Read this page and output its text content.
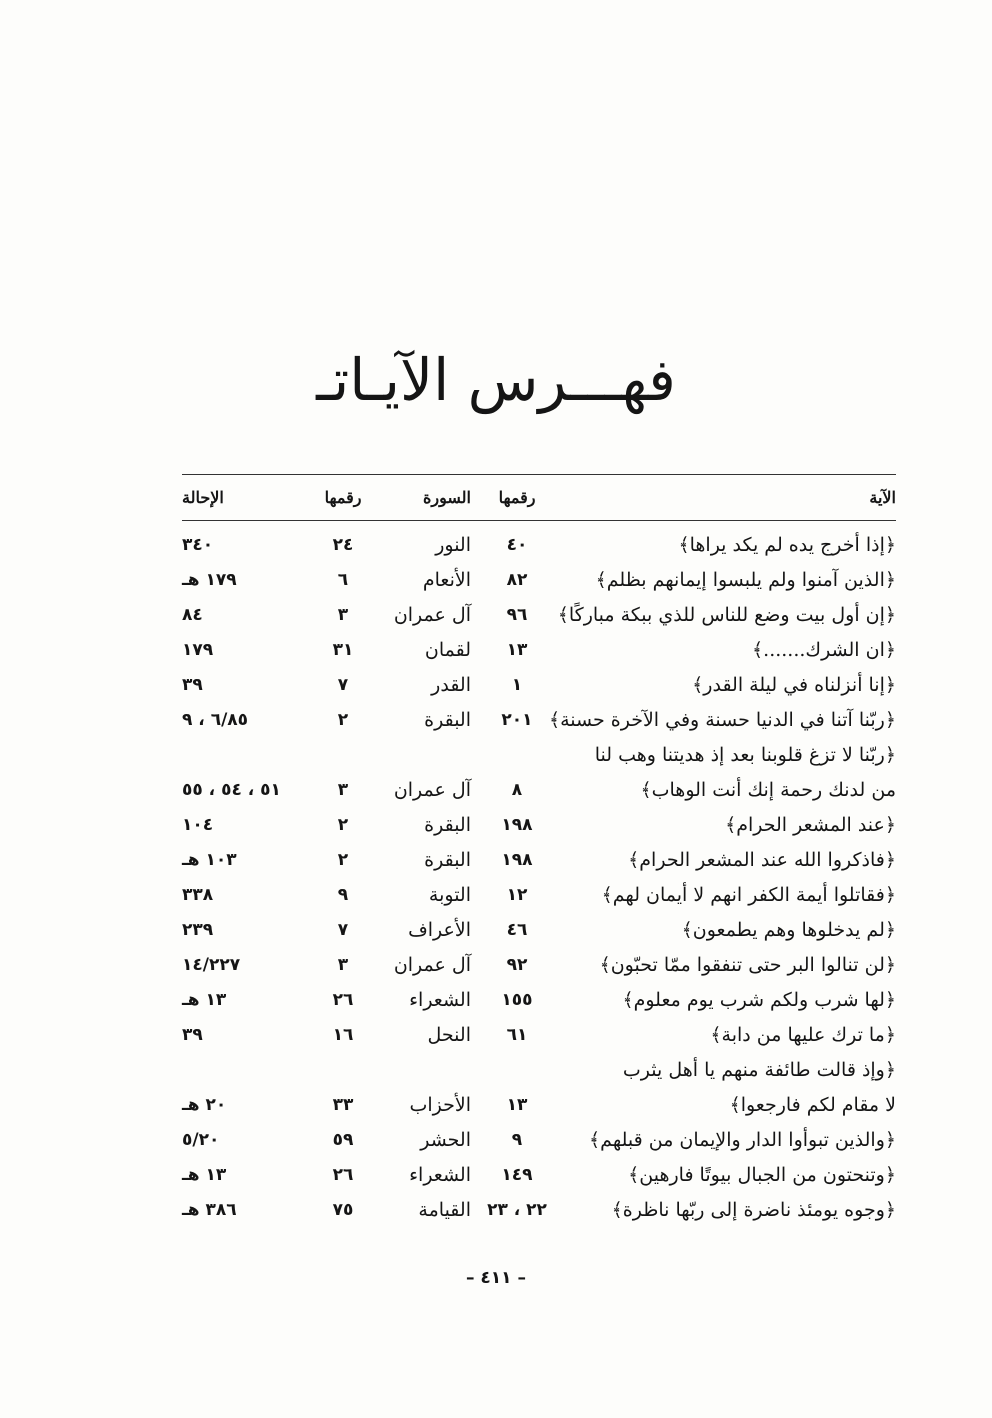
فهـــرس الآيـاتـ
الآية
رقمها
السورة
رقمها
الإحالة
﴿إذا أخرج يده لم يكد يراها﴾
٤٠
النور
٢٤
٣٤٠
﴿الذين آمنوا ولم يلبسوا إيمانهم بظلم﴾
٨٢
الأنعام
٦
١٧٩ هـ
﴿إن أول بيت وضع للناس للذي ببكة مباركًا﴾
٩٦
آل عمران
٣
٨٤
﴿ان الشرك.......﴾
١٣
لقمان
٣١
١٧٩
﴿إنا أنزلناه في ليلة القدر﴾
١
القدر
٧
٣٩
﴿ربّنا آتنا في الدنيا حسنة وفي الآخرة حسنة﴾
٢٠١
البقرة
٢
٦/٨٥ ، ٩
﴿ربّنا لا تزغ قلوبنا بعد إذ هديتنا وهب لنا
من لدنك رحمة إنك أنت الوهاب﴾
٨
آل عمران
٣
٥١ ، ٥٤ ، ٥٥
﴿عند المشعر الحرام﴾
١٩٨
البقرة
٢
١٠٤
﴿فاذكروا الله عند المشعر الحرام﴾
١٩٨
البقرة
٢
١٠٣ هـ
﴿فقاتلوا أيمة الكفر انهم لا أيمان لهم﴾
١٢
التوبة
٩
٣٣٨
﴿لم يدخلوها وهم يطمعون﴾
٤٦
الأعراف
٧
٢٣٩
﴿لن تنالوا البر حتى تنفقوا ممّا تحبّون﴾
٩٢
آل عمران
٣
١٤/٢٢٧
﴿لها شرب ولكم شرب يوم معلوم﴾
١٥٥
الشعراء
٢٦
١٣ هـ
﴿ما ترك عليها من دابة﴾
٦١
النحل
١٦
٣٩
﴿وإذ قالت طائفة منهم يا أهل يثرب
لا مقام لكم فارجعوا﴾
١٣
الأحزاب
٣٣
٢٠ هـ
﴿والذين تبوأوا الدار والإيمان من قبلهم﴾
٩
الحشر
٥٩
٥/٢٠
﴿وتنحتون من الجبال بيوتًا فارهين﴾
١٤٩
الشعراء
٢٦
١٣ هـ
﴿وجوه يومئذ ناضرة إلى ربّها ناظرة﴾
٢٢ ، ٢٣
القيامة
٧٥
٣٨٦ هـ
– ٤١١ –
